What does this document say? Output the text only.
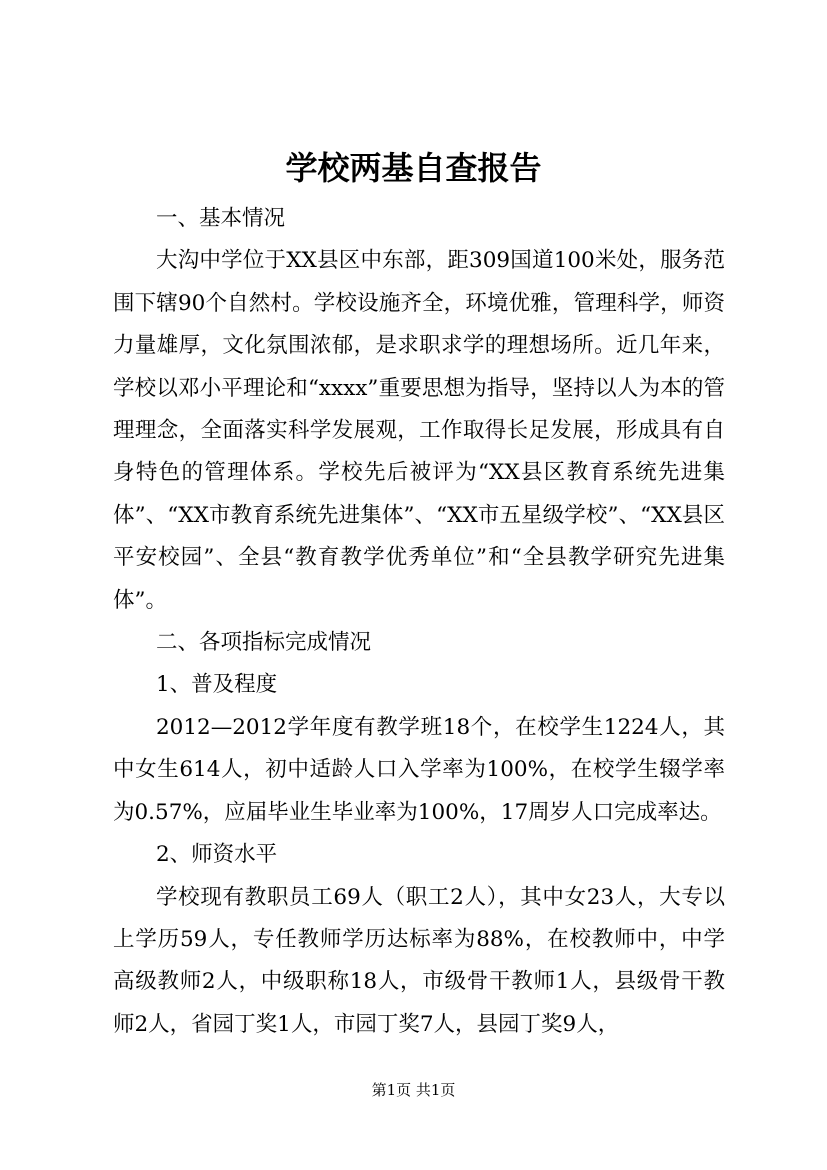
学校两基自查报告

一、基本情况

大沟中学位于XX县区中东部，距309国道100米处，服务范围下辖90个自然村。学校设施齐全，环境优雅，管理科学，师资力量雄厚，文化氛围浓郁，是求职求学的理想场所。近几年来，学校以邓小平理论和“xxxx”重要思想为指导，坚持以人为本的管理理念，全面落实科学发展观，工作取得长足发展，形成具有自身特色的管理体系。学校先后被评为“XX县区教育系统先进集体”、“XX市教育系统先进集体”、“XX市五星级学校”、“XX县区平安校园”、全县“教育教学优秀单位”和“全县教学研究先进集体”。

二、各项指标完成情况

1、普及程度

2012—2012学年度有教学班18个，在校学生1224人，其中女生614人，初中适龄人口入学率为100%，在校学生辍学率为0.57%，应届毕业生毕业率为100%，17周岁人口完成率达。

2、师资水平

学校现有教职员工69人（职工2人），其中女23人，大专以上学历59人，专任教师学历达标率为88%，在校教师中，中学高级教师2人，中级职称18人，市级骨干教师1人，县级骨干教师2人，省园丁奖1人，市园丁奖7人，县园丁奖9人，

第1页 共1页
